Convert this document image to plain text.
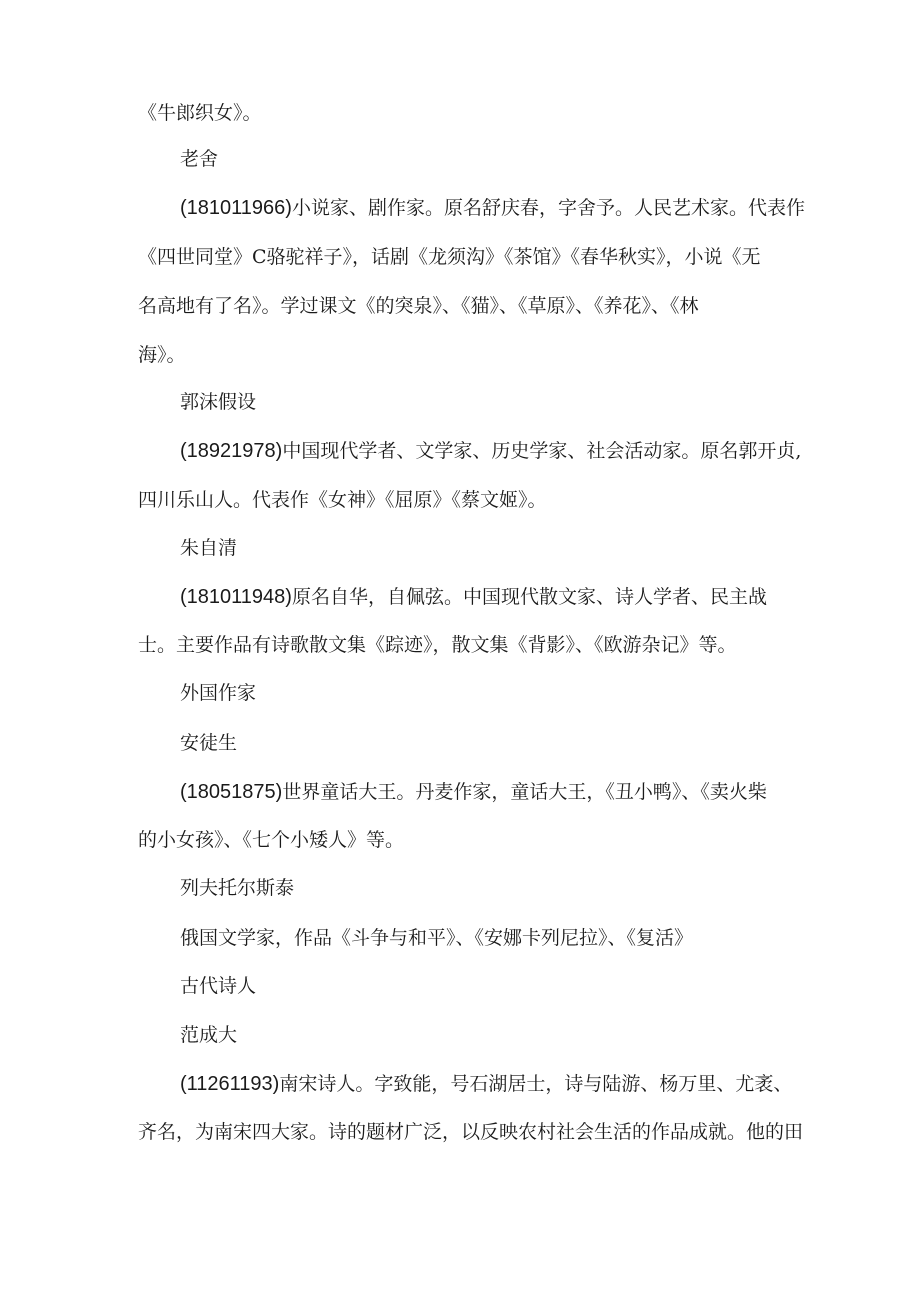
《牛郎织女》。
老舍
(181011966)小说家、剧作家。原名舒庆春，字舍予。人民艺术家。代表作
《四世同堂》C骆驼祥子》，话剧《龙须沟》《茶馆》《春华秋实》，小说《无
名高地有了名》。学过课文《的突泉》、《猫》、《草原》、《养花》、《林
海》。
郭沫假设
(18921978)中国现代学者、文学家、历史学家、社会活动家。原名郭开贞,
四川乐山人。代表作《女神》《屈原》《蔡文姬》。
朱自清
(181011948)原名自华，自佩弦。中国现代散文家、诗人学者、民主战
士。主要作品有诗歌散文集《踪迹》，散文集《背影》、《欧游杂记》等。
外国作家
安徒生
(18051875)世界童话大王。丹麦作家，童话大王，《丑小鸭》、《卖火柴
的小女孩》、《七个小矮人》等。
列夫托尔斯泰
俄国文学家，作品《斗争与和平》、《安娜卡列尼拉》、《复活》
古代诗人
范成大
(11261193)南宋诗人。字致能，号石湖居士，诗与陆游、杨万里、尤袤、
齐名，为南宋四大家。诗的题材广泛，以反映农村社会生活的作品成就。他的田
